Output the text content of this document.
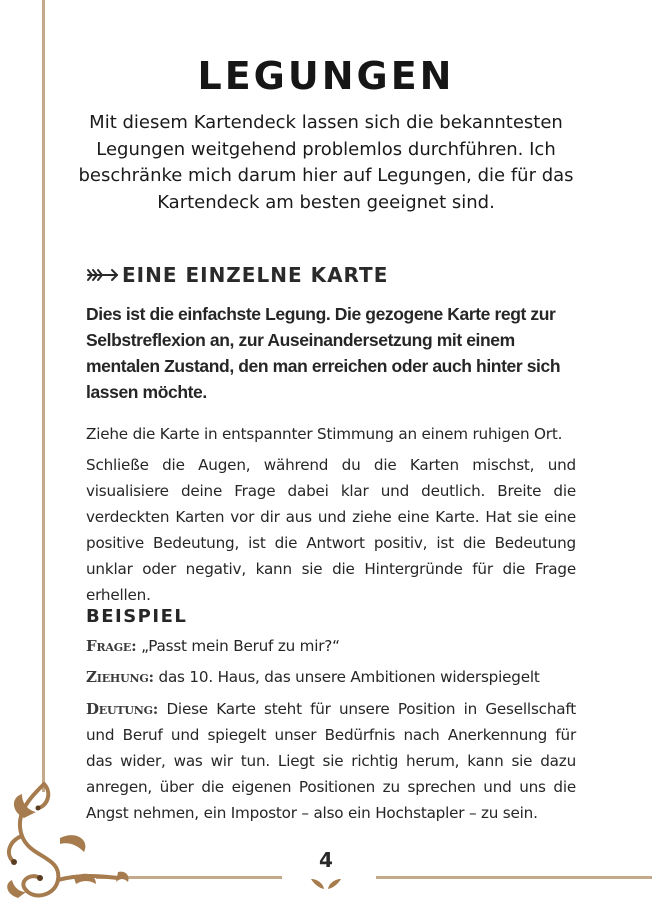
LEGUNGEN
Mit diesem Kartendeck lassen sich die bekanntesten Legungen weitgehend problemlos durchführen. Ich beschränke mich darum hier auf Legungen, die für das Kartendeck am besten geeignet sind.
EINE EINZELNE KARTE
Dies ist die einfachste Legung. Die gezogene Karte regt zur Selbstreflexion an, zur Auseinandersetzung mit einem mentalen Zustand, den man erreichen oder auch hinter sich lassen möchte.
Ziehe die Karte in entspannter Stimmung an einem ruhigen Ort.
Schließe die Augen, während du die Karten mischst, und visualisiere deine Frage dabei klar und deutlich. Breite die verdeckten Karten vor dir aus und ziehe eine Karte. Hat sie eine positive Bedeutung, ist die Antwort positiv, ist die Bedeutung unklar oder negativ, kann sie die Hintergründe für die Frage erhellen.
BEISPIEL
Frage: „Passt mein Beruf zu mir?“
Ziehung: das 10. Haus, das unsere Ambitionen widerspiegelt
Deutung: Diese Karte steht für unsere Position in Gesellschaft und Beruf und spiegelt unser Bedürfnis nach Anerkennung für das wider, was wir tun. Liegt sie richtig herum, kann sie dazu anregen, über die eigenen Positionen zu sprechen und uns die Angst nehmen, ein Impostor – also ein Hochstapler – zu sein.
4
